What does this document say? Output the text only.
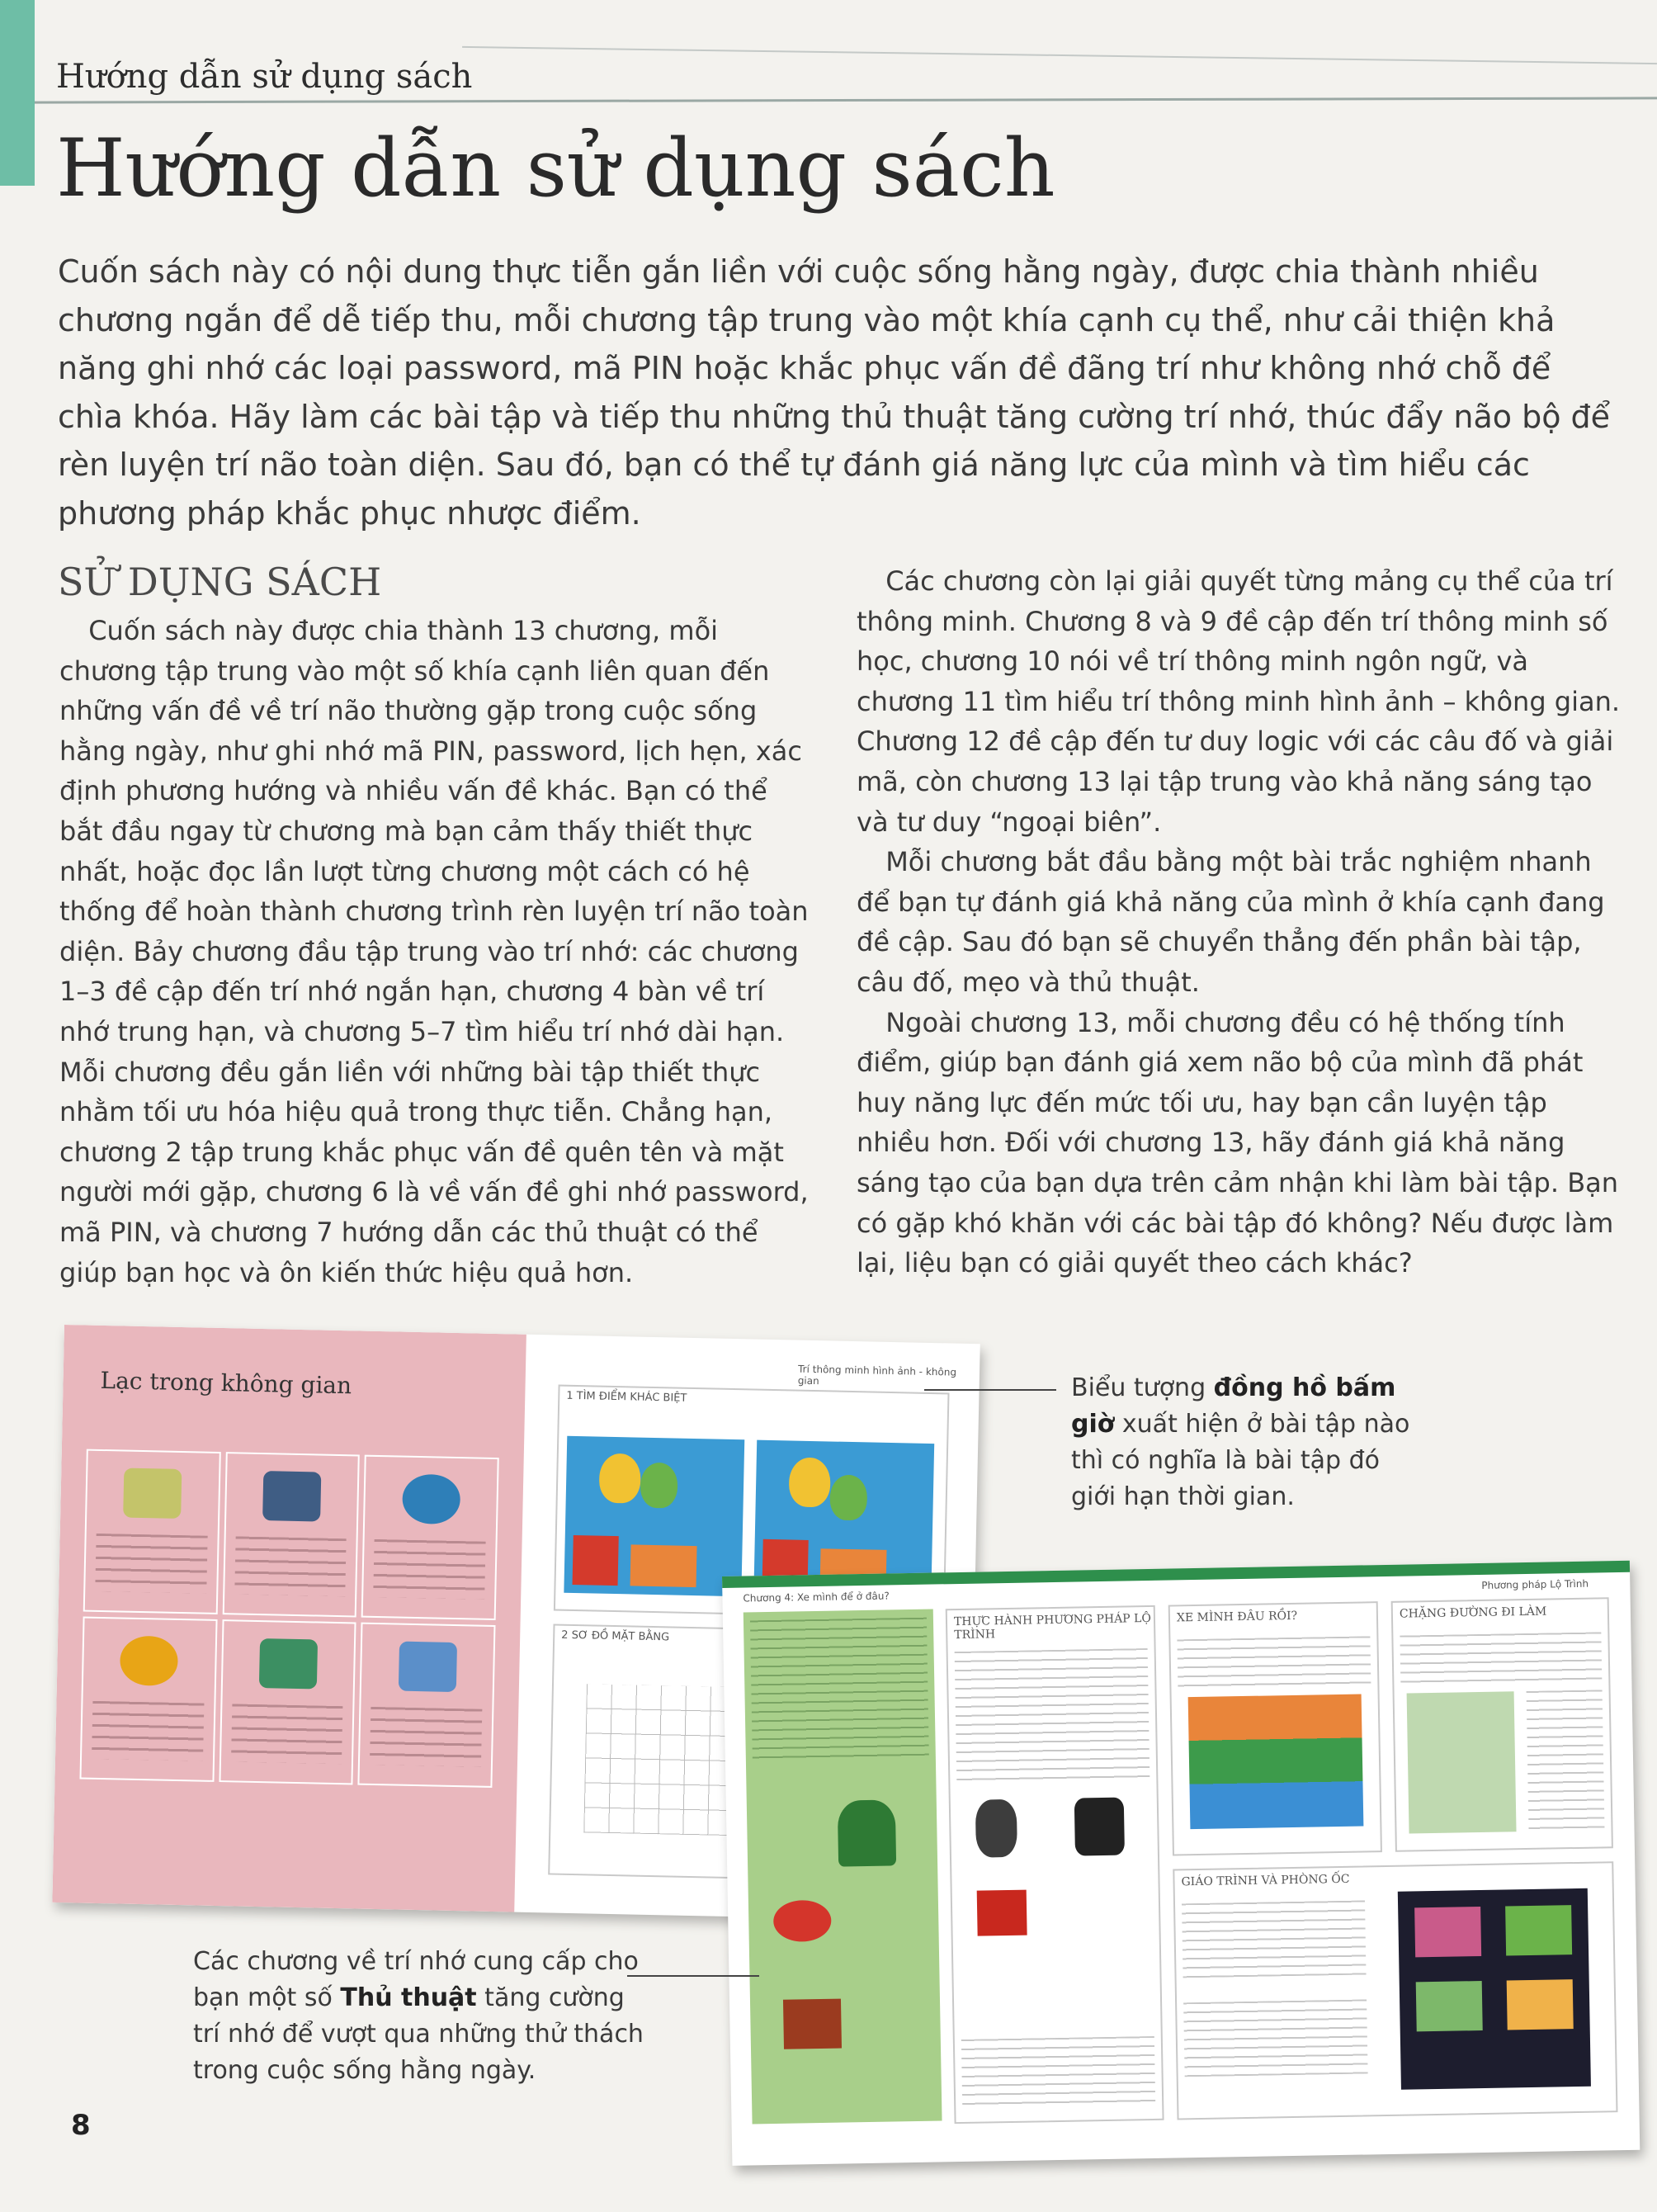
Hướng dẫn sử dụng sách
Hướng dẫn sử dụng sách

Cuốn sách này có nội dung thực tiễn gắn liền với cuộc sống hằng ngày, được chia thành nhiều chương ngắn để dễ tiếp thu, mỗi chương tập trung vào một khía cạnh cụ thể, như cải thiện khả năng ghi nhớ các loại password, mã PIN hoặc khắc phục vấn đề đãng trí như không nhớ chỗ để chìa khóa. Hãy làm các bài tập và tiếp thu những thủ thuật tăng cường trí nhớ, thúc đẩy não bộ để rèn luyện trí não toàn diện. Sau đó, bạn có thể tự đánh giá năng lực của mình và tìm hiểu các phương pháp khắc phục nhược điểm.

SỬ DỤNG SÁCH

Cuốn sách này được chia thành 13 chương, mỗi chương tập trung vào một số khía cạnh liên quan đến những vấn đề về trí não thường gặp trong cuộc sống hằng ngày, như ghi nhớ mã PIN, password, lịch hẹn, xác định phương hướng và nhiều vấn đề khác. Bạn có thể bắt đầu ngay từ chương mà bạn cảm thấy thiết thực nhất, hoặc đọc lần lượt từng chương một cách có hệ thống để hoàn thành chương trình rèn luyện trí não toàn diện. Bảy chương đầu tập trung vào trí nhớ: các chương 1–3 đề cập đến trí nhớ ngắn hạn, chương 4 bàn về trí nhớ trung hạn, và chương 5–7 tìm hiểu trí nhớ dài hạn. Mỗi chương đều gắn liền với những bài tập thiết thực nhằm tối ưu hóa hiệu quả trong thực tiễn. Chẳng hạn, chương 2 tập trung khắc phục vấn đề quên tên và mặt người mới gặp, chương 6 là về vấn đề ghi nhớ password, mã PIN, và chương 7 hướng dẫn các thủ thuật có thể giúp bạn học và ôn kiến thức hiệu quả hơn.

Các chương còn lại giải quyết từng mảng cụ thể của trí thông minh. Chương 8 và 9 đề cập đến trí thông minh số học, chương 10 nói về trí thông minh ngôn ngữ, và chương 11 tìm hiểu trí thông minh hình ảnh – không gian. Chương 12 đề cập đến tư duy logic với các câu đố và giải mã, còn chương 13 lại tập trung vào khả năng sáng tạo và tư duy “ngoại biên”.

Mỗi chương bắt đầu bằng một bài trắc nghiệm nhanh để bạn tự đánh giá khả năng của mình ở khía cạnh đang đề cập. Sau đó bạn sẽ chuyển thẳng đến phần bài tập, câu đố, mẹo và thủ thuật.

Ngoài chương 13, mỗi chương đều có hệ thống tính điểm, giúp bạn đánh giá xem não bộ của mình đã phát huy năng lực đến mức tối ưu, hay bạn cần luyện tập nhiều hơn. Đối với chương 13, hãy đánh giá khả năng sáng tạo của bạn dựa trên cảm nhận khi làm bài tập. Bạn có gặp khó khăn với các bài tập đó không? Nếu được làm lại, liệu bạn có giải quyết theo cách khác?

Lạc trong không gian	Trí thông minh hình ảnh - không gian
1 TÌM ĐIỂM KHÁC BIỆT
2 SƠ ĐỒ MẶT BẰNG
Chương 4: Xe mình để ở đâu?
Phương pháp Lộ Trình
THỰC HÀNH PHƯƠNG PHÁP LỘ TRÌNH
XE MÌNH ĐÂU RỒI?	CHẶNG ĐƯỜNG ĐI LÀM
GIÁO TRÌNH VÀ PHÒNG ỐC

Biểu tượng đồng hồ bấm giờ xuất hiện ở bài tập nào thì có nghĩa là bài tập đó giới hạn thời gian.

Các chương về trí nhớ cung cấp cho bạn một số Thủ thuật tăng cường trí nhớ để vượt qua những thử thách trong cuộc sống hằng ngày.

8
